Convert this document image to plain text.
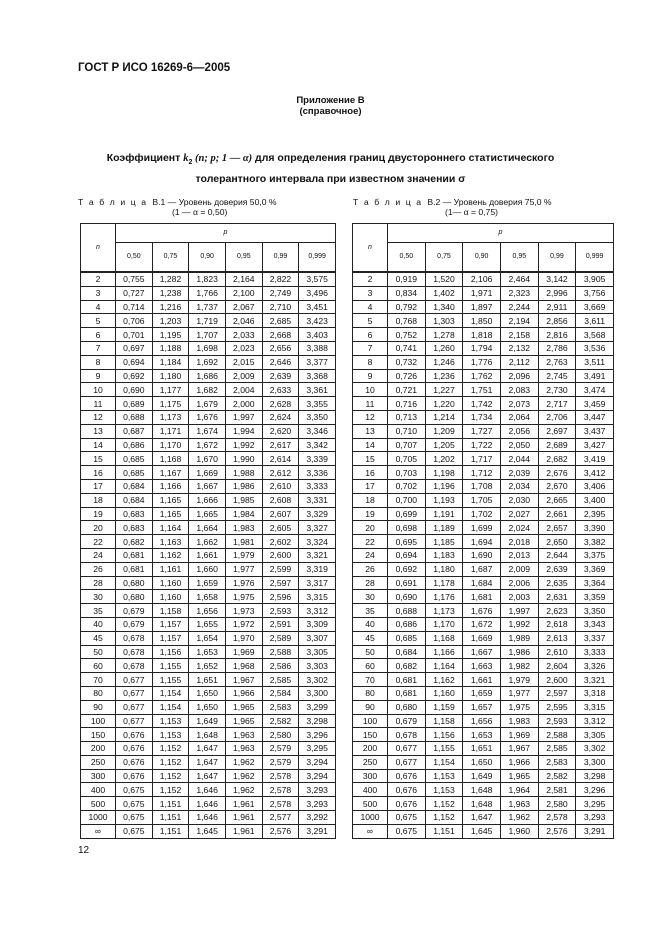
ГОСТ Р ИСО 16269-6—2005
Приложение В
(справочное)
Коэффициент $k_2$ (n; p; 1 — α) для определения границ двустороннего статистического
толерантного интервала при известном значении σ
Т а б л и ц а  B.1 — Уровень доверия 50,0 %
(1 — α = 0,50)
Т а б л и ц а  B.2 — Уровень доверия 75,0 %
(1— α = 0,75)
n	p					
	0,50	0,75	0,90	0,95	0,99	0,999
2	0,755	1,282	1,823	2,164	2,822	3,575
3	0,727	1,238	1,766	2,100	2,749	3,496
4	0,714	1,216	1,737	2,067	2,710	3,451
5	0,706	1,203	1,719	2,046	2,685	3,423
6	0,701	1,195	1,707	2,033	2,668	3,403
7	0,697	1,188	1,698	2,023	2,656	3,388
8	0,694	1,184	1,692	2,015	2,646	3,377
9	0,692	1,180	1,686	2,009	2,639	3,368
10	0,690	1,177	1,682	2,004	2,633	3,361
11	0,689	1,175	1,679	2,000	2,628	3,355
12	0,688	1,173	1,676	1,997	2,624	3,350
13	0,687	1,171	1,674	1,994	2,620	3,346
14	0,686	1,170	1,672	1,992	2,617	3,342
15	0,685	1,168	1,670	1,990	2,614	3,339
16	0,685	1,167	1,669	1,988	2,612	3,336
17	0,684	1,166	1,667	1,986	2,610	3,333
18	0,684	1,165	1,666	1,985	2,608	3,331
19	0,683	1,165	1,665	1,984	2,607	3,329
20	0,683	1,164	1,664	1,983	2,605	3,327
22	0,682	1,163	1,662	1,981	2,602	3,324
24	0,681	1,162	1,661	1,979	2,600	3,321
26	0,681	1,161	1,660	1,977	2,599	3,319
28	0,680	1,160	1,659	1,976	2,597	3,317
30	0,680	1,160	1,658	1,975	2,596	3,315
35	0,679	1,158	1,656	1,973	2,593	3,312
40	0,679	1,157	1,655	1,972	2,591	3,309
45	0,678	1,157	1,654	1,970	2,589	3,307
50	0,678	1,156	1,653	1,969	2,588	3,305
60	0,678	1,155	1,652	1,968	2,586	3,303
70	0,677	1,155	1,651	1,967	2,585	3,302
80	0,677	1,154	1,650	1,966	2,584	3,300
90	0,677	1,154	1,650	1,965	2,583	3,299
100	0,677	1,153	1,649	1,965	2,582	3,298
150	0,676	1,153	1,648	1,963	2,580	3,296
200	0,676	1,152	1,647	1,963	2,579	3,295
250	0,676	1,152	1,647	1,962	2,579	3,294
300	0,676	1,152	1,647	1,962	2,578	3,294
400	0,675	1,152	1,646	1,962	2,578	3,293
500	0,675	1,151	1,646	1,961	2,578	3,293
1000	0,675	1,151	1,646	1,961	2,577	3,292
∞	0,675	1,151	1,645	1,961	2,576	3,291
n	p					
	0,50	0,75	0,90	0,95	0,99	0,999
2	0,919	1,520	2,106	2,464	3,142	3,905
3	0,834	1,402	1,971	2,323	2,996	3,756
4	0,792	1,340	1,897	2,244	2,911	3,669
5	0,768	1,303	1,850	2,194	2,856	3,611
6	0,752	1,278	1,818	2,158	2,816	3,568
7	0,741	1,260	1,794	2,132	2,786	3,536
8	0,732	1,246	1,776	2,112	2,763	3,511
9	0,726	1,236	1,762	2,096	2,745	3,491
10	0,721	1,227	1,751	2,083	2,730	3,474
11	0,716	1,220	1,742	2,073	2,717	3,459
12	0,713	1,214	1,734	2,064	2,706	3,447
13	0,710	1,209	1,727	2,056	2,697	3,437
14	0,707	1,205	1,722	2,050	2,689	3,427
15	0,705	1,202	1,717	2,044	2,682	3,419
16	0,703	1,198	1,712	2,039	2,676	3,412
17	0,702	1,196	1,708	2,034	2,670	3,406
18	0,700	1,193	1,705	2,030	2,665	3,400
19	0,699	1,191	1,702	2,027	2,661	2,395
20	0,698	1,189	1,699	2,024	2,657	3,390
22	0,695	1,185	1,694	2,018	2,650	3,382
24	0,694	1,183	1,690	2,013	2,644	3,375
26	0,692	1,180	1,687	2,009	2,639	3,369
28	0,691	1,178	1,684	2,006	2,635	3,364
30	0,690	1,176	1,681	2,003	2,631	3,359
35	0,688	1,173	1,676	1,997	2,623	3,350
40	0,686	1,170	1,672	1,992	2,618	3,343
45	0,685	1,168	1,669	1,989	2,613	3,337
50	0,684	1,166	1,667	1,986	2,610	3,333
60	0,682	1,164	1,663	1,982	2,604	3,326
70	0,681	1,162	1,661	1,979	2,600	3,321
80	0,681	1,160	1,659	1,977	2,597	3,318
90	0,680	1,159	1,657	1,975	2,595	3,315
100	0,679	1,158	1,656	1,983	2,593	3,312
150	0,678	1,156	1,653	1,969	2,588	3,305
200	0,677	1,155	1,651	1,967	2,585	3,302
250	0,677	1,154	1,650	1,966	2,583	3,300
300	0,676	1,153	1,649	1,965	2,582	3,298
400	0,676	1,153	1,648	1,964	2,581	3,296
500	0,676	1,152	1,648	1,963	2,580	3,295
1000	0,675	1,152	1,647	1,962	2,578	3,293
∞	0,675	1,151	1,645	1,960	2,576	3,291
12
